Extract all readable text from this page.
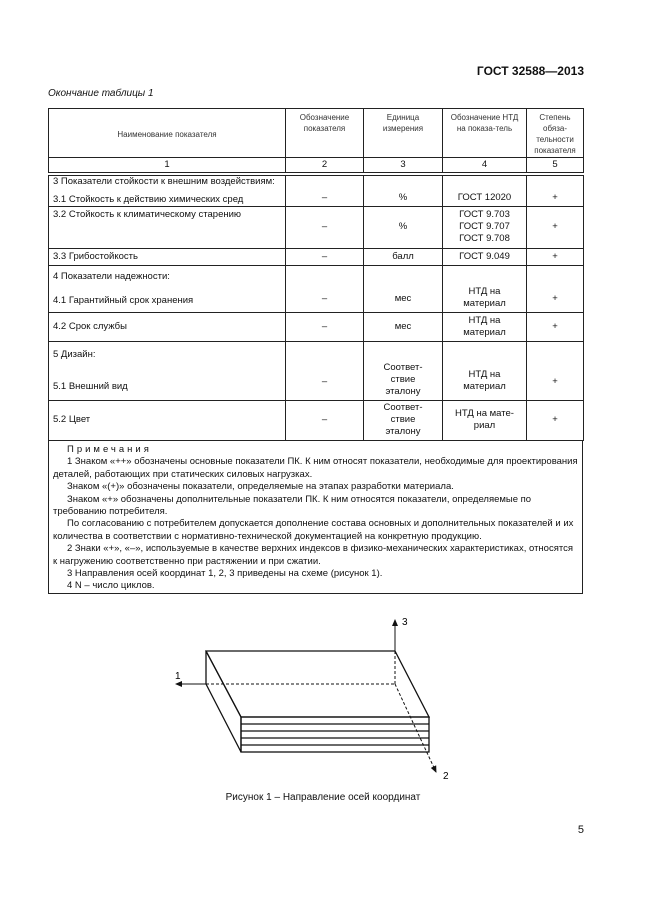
ГОСТ 32588—2013
Окончание таблицы 1
Наименование показателя	Обозначение показателя	Единица измерения	Обозначение НТД на показа-тель	Степень обяза-тельности показателя
1	2	3	4	5

3 Показатели стойкости к внешним воздействиям:
3.1 Стойкость к действию химических сред	–	%	ГОСТ 12020	+
3.2 Стойкость к климатическому старению	–	%	ГОСТ 9.703 ГОСТ 9.707 ГОСТ 9.708	+
3.3 Грибостойкость	–	балл	ГОСТ 9.049	+

4 Показатели надежности:
4.1 Гарантийный срок хранения	–	мес	НТД на материал	+
4.2 Срок службы	–	мес	НТД на материал	+

5 Дизайн:
5.1 Внешний вид	–	Соответ-ствие эталону	НТД на материал	+
5.2 Цвет	–	Соответ-ствие эталону	НТД на мате-риал	+

Примечания

1 Знаком «++» обозначены основные показатели ПК. К ним относят показатели, необходимые для проектирования деталей, работающих при статических силовых нагрузках.

Знаком «(+)» обозначены показатели, определяемые на этапах разработки материала.

Знаком «+» обозначены дополнительные показатели ПК. К ним относятся показатели, определяемые по требованию потребителя.

По согласованию с потребителем допускается дополнение состава основных и дополнительных показателей и их количества в соответствии с нормативно-технической документацией на конкретную продукцию.

2 Знаки «+», «–», используемые в качестве верхних индексов в физико-механических характеристиках, относятся к нагружению соответственно при растяжении и при сжатии.

3 Направления осей координат 1, 2, 3 приведены на схеме (рисунок 1).

4 N – число циклов.

1
2
3
Рисунок 1 – Направление осей координат
5
